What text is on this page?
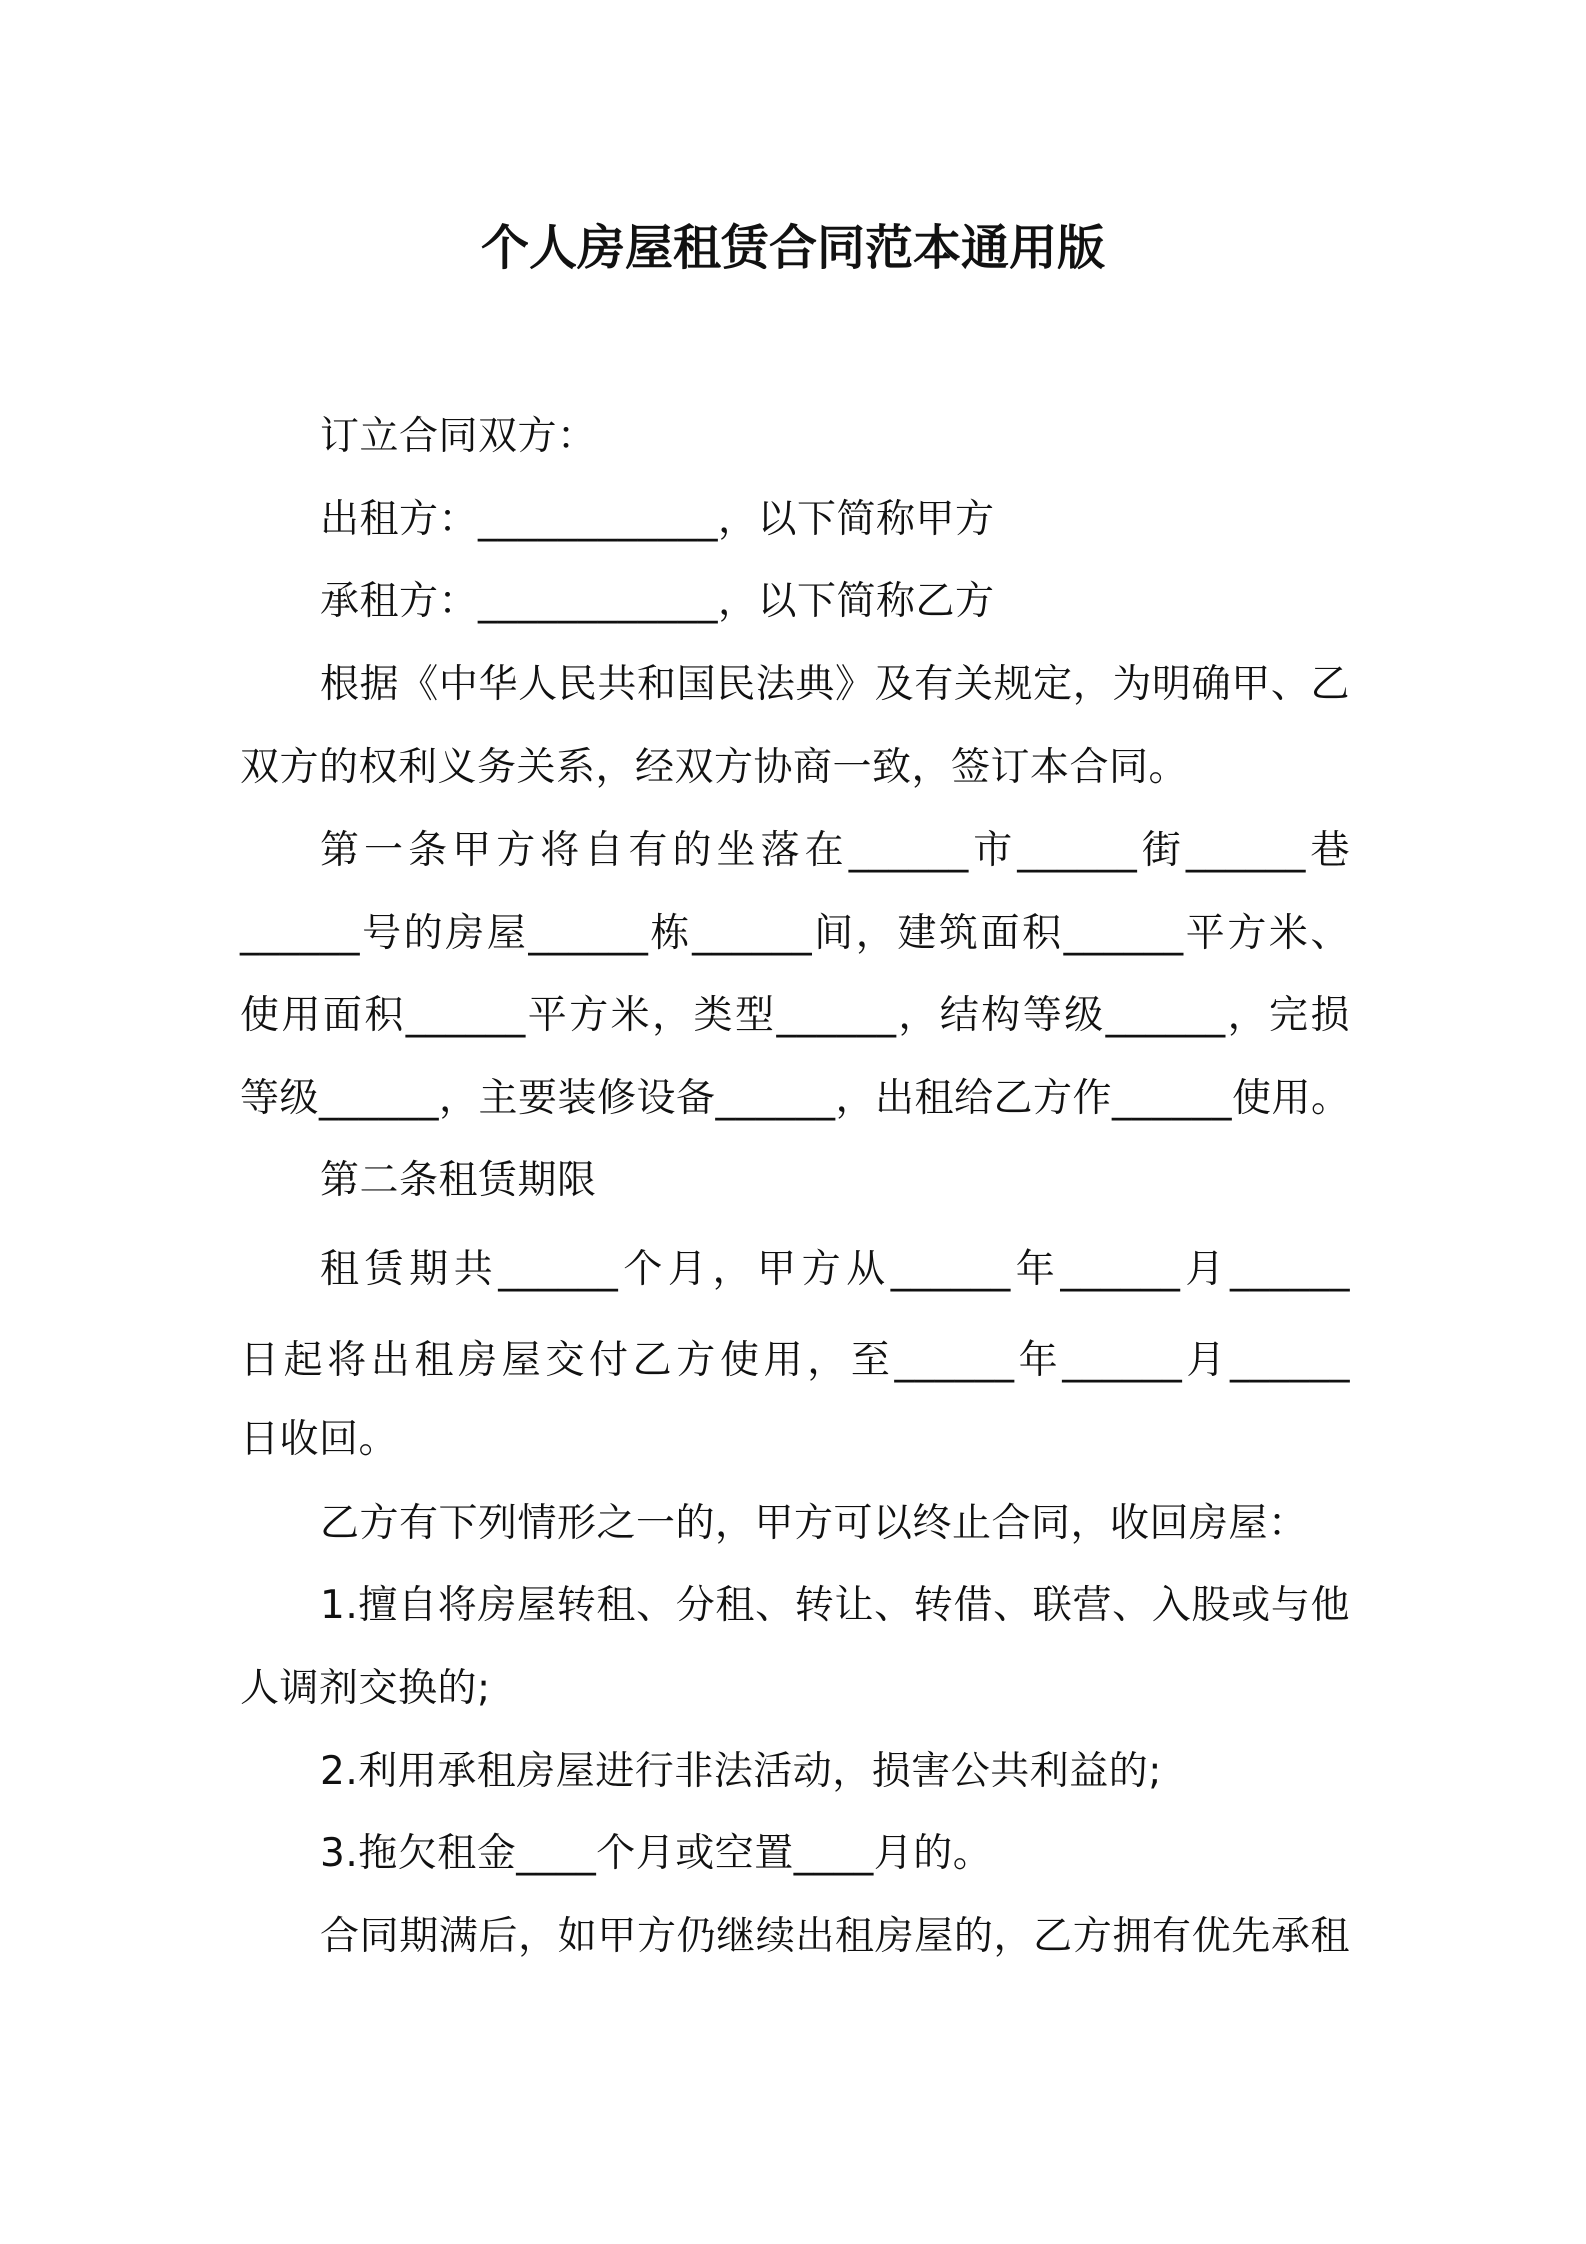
个人房屋租赁合同范本通用版
订立合同双方：
出租方：____________，以下简称甲方
承租方：____________，以下简称乙方
根据《中华人民共和国民法典》及有关规定，为明确甲、乙
双方的权利义务关系，经双方协商一致，签订本合同。
第一条甲方将自有的坐落在______市______街______巷
______号的房屋______栋______间，建筑面积______平方米、
使用面积______平方米，类型______，结构等级______，完损
等级______，主要装修设备______，出租给乙方作______使用。
第二条租赁期限
租赁期共______个月，甲方从______年______月______
日起将出租房屋交付乙方使用，至______年______月______
日收回。
乙方有下列情形之一的，甲方可以终止合同，收回房屋：
1.擅自将房屋转租、分租、转让、转借、联营、入股或与他
人调剂交换的;
2.利用承租房屋进行非法活动，损害公共利益的;
3.拖欠租金____个月或空置____月的。
合同期满后，如甲方仍继续出租房屋的，乙方拥有优先承租
